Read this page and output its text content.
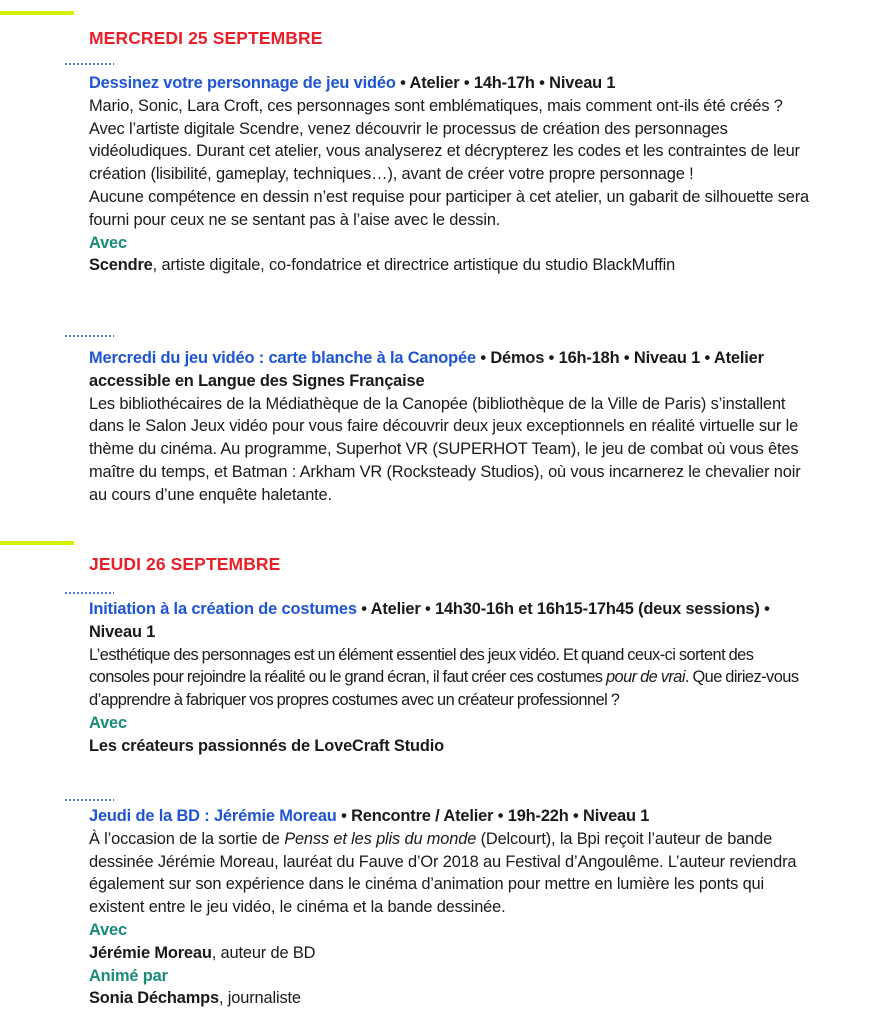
MERCREDI 25 SEPTEMBRE

Dessinez votre personnage de jeu vidéo • Atelier • 14h-17h • Niveau 1

Mario, Sonic, Lara Croft, ces personnages sont emblématiques, mais comment ont-ils été créés ? Avec l’artiste digitale Scendre, venez découvrir le processus de création des personnages vidéoludiques. Durant cet atelier, vous analyserez et décrypterez les codes et les contraintes de leur création (lisibilité, gameplay, techniques…), avant de créer votre propre personnage !

Aucune compétence en dessin n’est requise pour participer à cet atelier, un gabarit de silhouette sera fourni pour ceux ne se sentant pas à l’aise avec le dessin.

Avec

Scendre, artiste digitale, co-fondatrice et directrice artistique du studio BlackMuffin

Mercredi du jeu vidéo : carte blanche à la Canopée • Démos • 16h-18h • Niveau 1 • Atelier accessible en Langue des Signes Française

Les bibliothécaires de la Médiathèque de la Canopée (bibliothèque de la Ville de Paris) s’installent dans le Salon Jeux vidéo pour vous faire découvrir deux jeux exceptionnels en réalité virtuelle sur le thème du cinéma. Au programme, Superhot VR (SUPERHOT Team), le jeu de combat où vous êtes maître du temps, et Batman : Arkham VR (Rocksteady Studios), où vous incarnerez le chevalier noir au cours d’une enquête haletante.

JEUDI 26 SEPTEMBRE

Initiation à la création de costumes • Atelier • 14h30-16h et 16h15-17h45 (deux sessions) • Niveau 1

L’esthétique des personnages est un élément essentiel des jeux vidéo. Et quand ceux-ci sortent des consoles pour rejoindre la réalité ou le grand écran, il faut créer ces costumes pour de vrai. Que diriez-vous d’apprendre à fabriquer vos propres costumes avec un créateur professionnel ?

Avec

Les créateurs passionnés de LoveCraft Studio

Jeudi de la BD : Jérémie Moreau • Rencontre / Atelier • 19h-22h • Niveau 1

À l’occasion de la sortie de Penss et les plis du monde (Delcourt), la Bpi reçoit l’auteur de bande dessinée Jérémie Moreau, lauréat du Fauve d’Or 2018 au Festival d’Angoulême. L’auteur reviendra également sur son expérience dans le cinéma d’animation pour mettre en lumière les ponts qui existent entre le jeu vidéo, le cinéma et la bande dessinée.

Avec

Jérémie Moreau, auteur de BD

Animé par

Sonia Déchamps, journaliste
